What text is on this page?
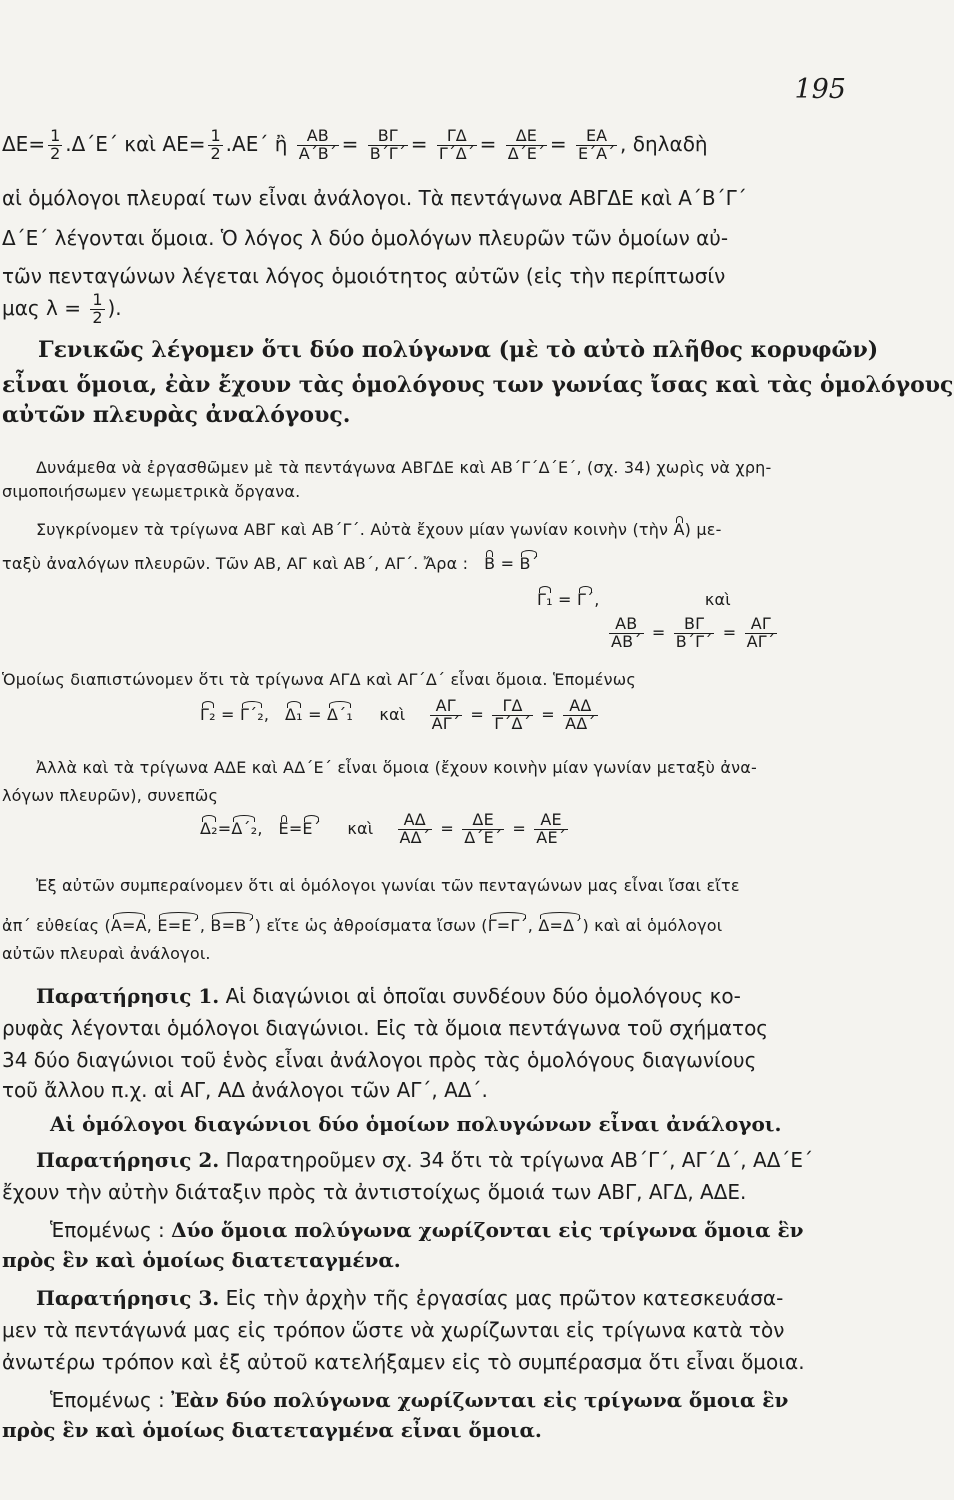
195
$\Delta E= \frac{1}{2} .\Delta΄E΄$ καὶ $AE= \frac{1}{2} .AE΄$ ἢ $\frac{AB}{A΄B΄} = \frac{B\Gamma}{B΄\Gamma΄} = \frac{\Gamma\Delta}{\Gamma΄\Delta΄} = \frac{\Delta E}{\Delta΄E΄} = \frac{EA}{E΄A΄}$ , δηλαδὴ
αἱ ὁμόλογοι πλευραί των εἶναι ἀνάλογοι. Τὰ πεντάγωνα ΑΒΓΔΕ καὶ Α΄Β΄Γ΄
Δ΄Ε΄ λέγονται ὅμοια. Ὁ λόγος λ δύο ὁμολόγων πλευρῶν τῶν ὁμοίων αὐ-
τῶν πενταγώνων λέγεται λόγος ὁμοιότητος αὐτῶν (εἰς τὴν περίπτωσίν
μας $\lambda = \frac{1}{2}$ ).
Γενικῶς λέγομεν ὅτι δύο πολύγωνα (μὲ τὸ αὐτὸ πλῆθος κορυφῶν)
εἶναι ὅμοια, ἐὰν ἔχουν τὰς ὁμολόγους των γωνίας ἴσας καὶ τὰς ὁμολόγους
αὐτῶν πλευρὰς ἀναλόγους.
Δυνάμεθα νὰ ἐργασθῶμεν μὲ τὰ πεντάγωνα ΑΒΓΔΕ καὶ ΑΒ΄Γ΄Δ΄Ε΄, (σχ. 34) χωρὶς νὰ χρη-
σιμοποιήσωμεν γεωμετρικὰ ὄργανα.
Συγκρίνομεν τὰ τρίγωνα ΑΒΓ καὶ ΑΒ΄Γ΄. Αὐτὰ ἔχουν μίαν γωνίαν κοινὴν (τὴν Α) με-
ταξὺ ἀναλόγων πλευρῶν. Τῶν ΑΒ, ΑΓ καὶ ΑΒ΄, ΑΓ΄. Ἄρα : Β = Β΄
Γ₁ = Γ΄,	καὶ
$\frac{AB}{AB΄} = \frac{B\Gamma}{B΄\Gamma΄} = \frac{A\Gamma}{A\Gamma΄}$
Ὁμοίως διαπιστώνομεν ὅτι τὰ τρίγωνα ΑΓΔ καὶ ΑΓ΄Δ΄ εἶναι ὅμοια. Ἑπομένως
Γ₂ = Γ΄₂, Δ₁ = Δ΄₁ καὶ $\frac{A\Gamma}{A\Gamma΄} = \frac{\Gamma\Delta}{\Gamma΄\Delta΄} = \frac{A\Delta}{A\Delta΄}$
Ἀλλὰ καὶ τὰ τρίγωνα ΑΔΕ καὶ ΑΔ΄Ε΄ εἶναι ὅμοια (ἔχουν κοινὴν μίαν γωνίαν μεταξὺ ἀνα-
λόγων πλευρῶν), συνεπῶς
Δ₂=Δ΄₂, Ε=Ε΄ καὶ $\frac{A\Delta}{A\Delta΄} = \frac{\Delta E}{\Delta΄E΄} = \frac{AE}{AE΄}$
Ἐξ αὐτῶν συμπεραίνομεν ὅτι αἱ ὁμόλογοι γωνίαι τῶν πενταγώνων μας εἶναι ἴσαι εἴτε
ἀπ΄ εὐθείας (Α=Α, Ε=Ε΄, Β=Β΄) εἴτε ὡς ἀθροίσματα ἴσων (Γ=Γ΄, Δ=Δ΄) καὶ αἱ ὁμόλογοι
αὐτῶν πλευραὶ ἀνάλογοι.
Παρατήρησις 1. Αἱ διαγώνιοι αἱ ὁποῖαι συνδέουν δύο ὁμολόγους κο-
ρυφὰς λέγονται ὁμόλογοι διαγώνιοι. Εἰς τὰ ὅμοια πεντάγωνα τοῦ σχήματος
34 δύο διαγώνιοι τοῦ ἑνὸς εἶναι ἀνάλογοι πρὸς τὰς ὁμολόγους διαγωνίους
τοῦ ἄλλου π.χ. αἱ ΑΓ, ΑΔ ἀνάλογοι τῶν ΑΓ΄, ΑΔ΄.
Αἱ ὁμόλογοι διαγώνιοι δύο ὁμοίων πολυγώνων εἶναι ἀνάλογοι.
Παρατήρησις 2. Παρατηροῦμεν σχ. 34 ὅτι τὰ τρίγωνα ΑΒ΄Γ΄, ΑΓ΄Δ΄, ΑΔ΄Ε΄
ἔχουν τὴν αὐτὴν διάταξιν πρὸς τὰ ἀντιστοίχως ὅμοιά των ΑΒΓ, ΑΓΔ, ΑΔΕ.
Ἑπομένως : Δύο ὅμοια πολύγωνα χωρίζονται εἰς τρίγωνα ὅμοια ἓν
πρὸς ἓν καὶ ὁμοίως διατεταγμένα.
Παρατήρησις 3. Εἰς τὴν ἀρχὴν τῆς ἐργασίας μας πρῶτον κατεσκευάσα-
μεν τὰ πεντάγωνά μας εἰς τρόπον ὥστε νὰ χωρίζωνται εἰς τρίγωνα κατὰ τὸν
ἀνωτέρω τρόπον καὶ ἐξ αὐτοῦ κατελήξαμεν εἰς τὸ συμπέρασμα ὅτι εἶναι ὅμοια.
Ἑπομένως : Ἐὰν δύο πολύγωνα χωρίζωνται εἰς τρίγωνα ὅμοια ἓν
πρὸς ἓν καὶ ὁμοίως διατεταγμένα εἶναι ὅμοια.
